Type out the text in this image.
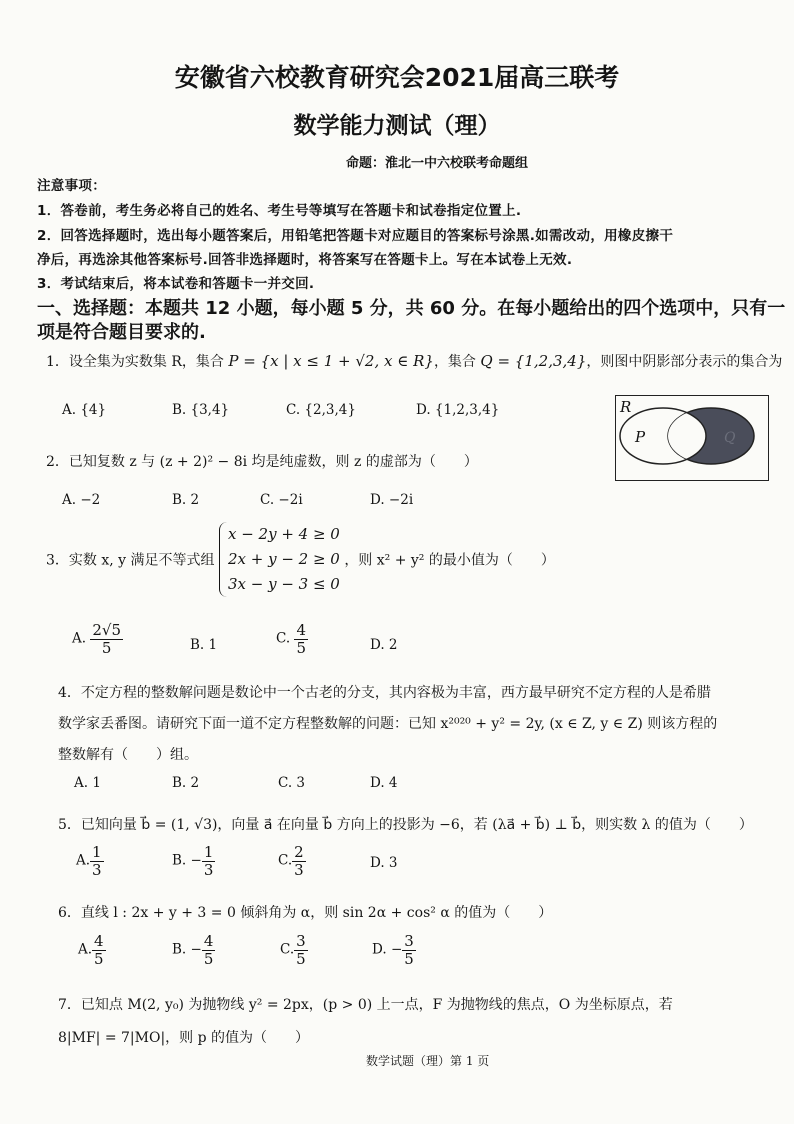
安徽省六校教育研究会2021届高三联考
数学能力测试（理）
命题：淮北一中六校联考命题组
注意事项：
1．答卷前，考生务必将自己的姓名、考生号等填写在答题卡和试卷指定位置上.
2．回答选择题时，选出每小题答案后，用铅笔把答题卡对应题目的答案标号涂黑.如需改动，用橡皮擦干
净后，再选涂其他答案标号.回答非选择题时，将答案写在答题卡上。写在本试卷上无效.
3．考试结束后，将本试卷和答题卡一并交回.
一、选择题：本题共 12 小题，每小题 5 分，共 60 分。在每小题给出的四个选项中，只有一
项是符合题目要求的.
1．设全集为实数集 R，集合 P = {x | x ≤ 1 + √2, x ∈ R}，集合 Q = {1,2,3,4}，则图中阴影部分表示的集合为
A. {4}	B. {3,4}	C. {2,3,4}	D. {1,2,3,4}	R
P	Q
2．已知复数 z 与 (z + 2)² − 8i 均是纯虚数，则 z 的虚部为（　　）
A. −2	B. 2	C. −2i	D. −2i
3．实数 x, y 满足不等式组 x − 2y + 4 ≥ 0
2x + y − 2 ≥ 0
3x − y − 3 ≤ 0 ，则 x² + y² 的最小值为（　　）
A. $\frac{2√5}{5}$	B. 1	C. $\frac{4}{5}$	D. 2
4．不定方程的整数解问题是数论中一个古老的分支，其内容极为丰富，西方最早研究不定方程的人是希腊
数学家丢番图。请研究下面一道不定方程整数解的问题：已知 x²⁰²⁰ + y² = 2y, (x ∈ Z, y ∈ Z) 则该方程的
整数解有（　　）组。
A. 1	B. 2	C. 3	D. 4
5．已知向量 b⃗ = (1, √3)，向量 a⃗ 在向量 b⃗ 方向上的投影为 −6，若 (λa⃗ + b⃗) ⊥ b⃗，则实数 λ 的值为（　　）
A. $\frac{1}{3}$	B. − $\frac{1}{3}$	C. $\frac{2}{3}$	D. 3
6．直线 l : 2x + y + 3 = 0 倾斜角为 α，则 sin 2α + cos² α 的值为（　　）
A. $\frac{4}{5}$	B. − $\frac{4}{5}$	C. $\frac{3}{5}$	D. − $\frac{3}{5}$
7．已知点 M(2, y₀) 为抛物线 y² = 2px，(p > 0) 上一点，F 为抛物线的焦点，O 为坐标原点，若
8|MF| = 7|MO|，则 p 的值为（　　）
数学试题（理）第 1 页
